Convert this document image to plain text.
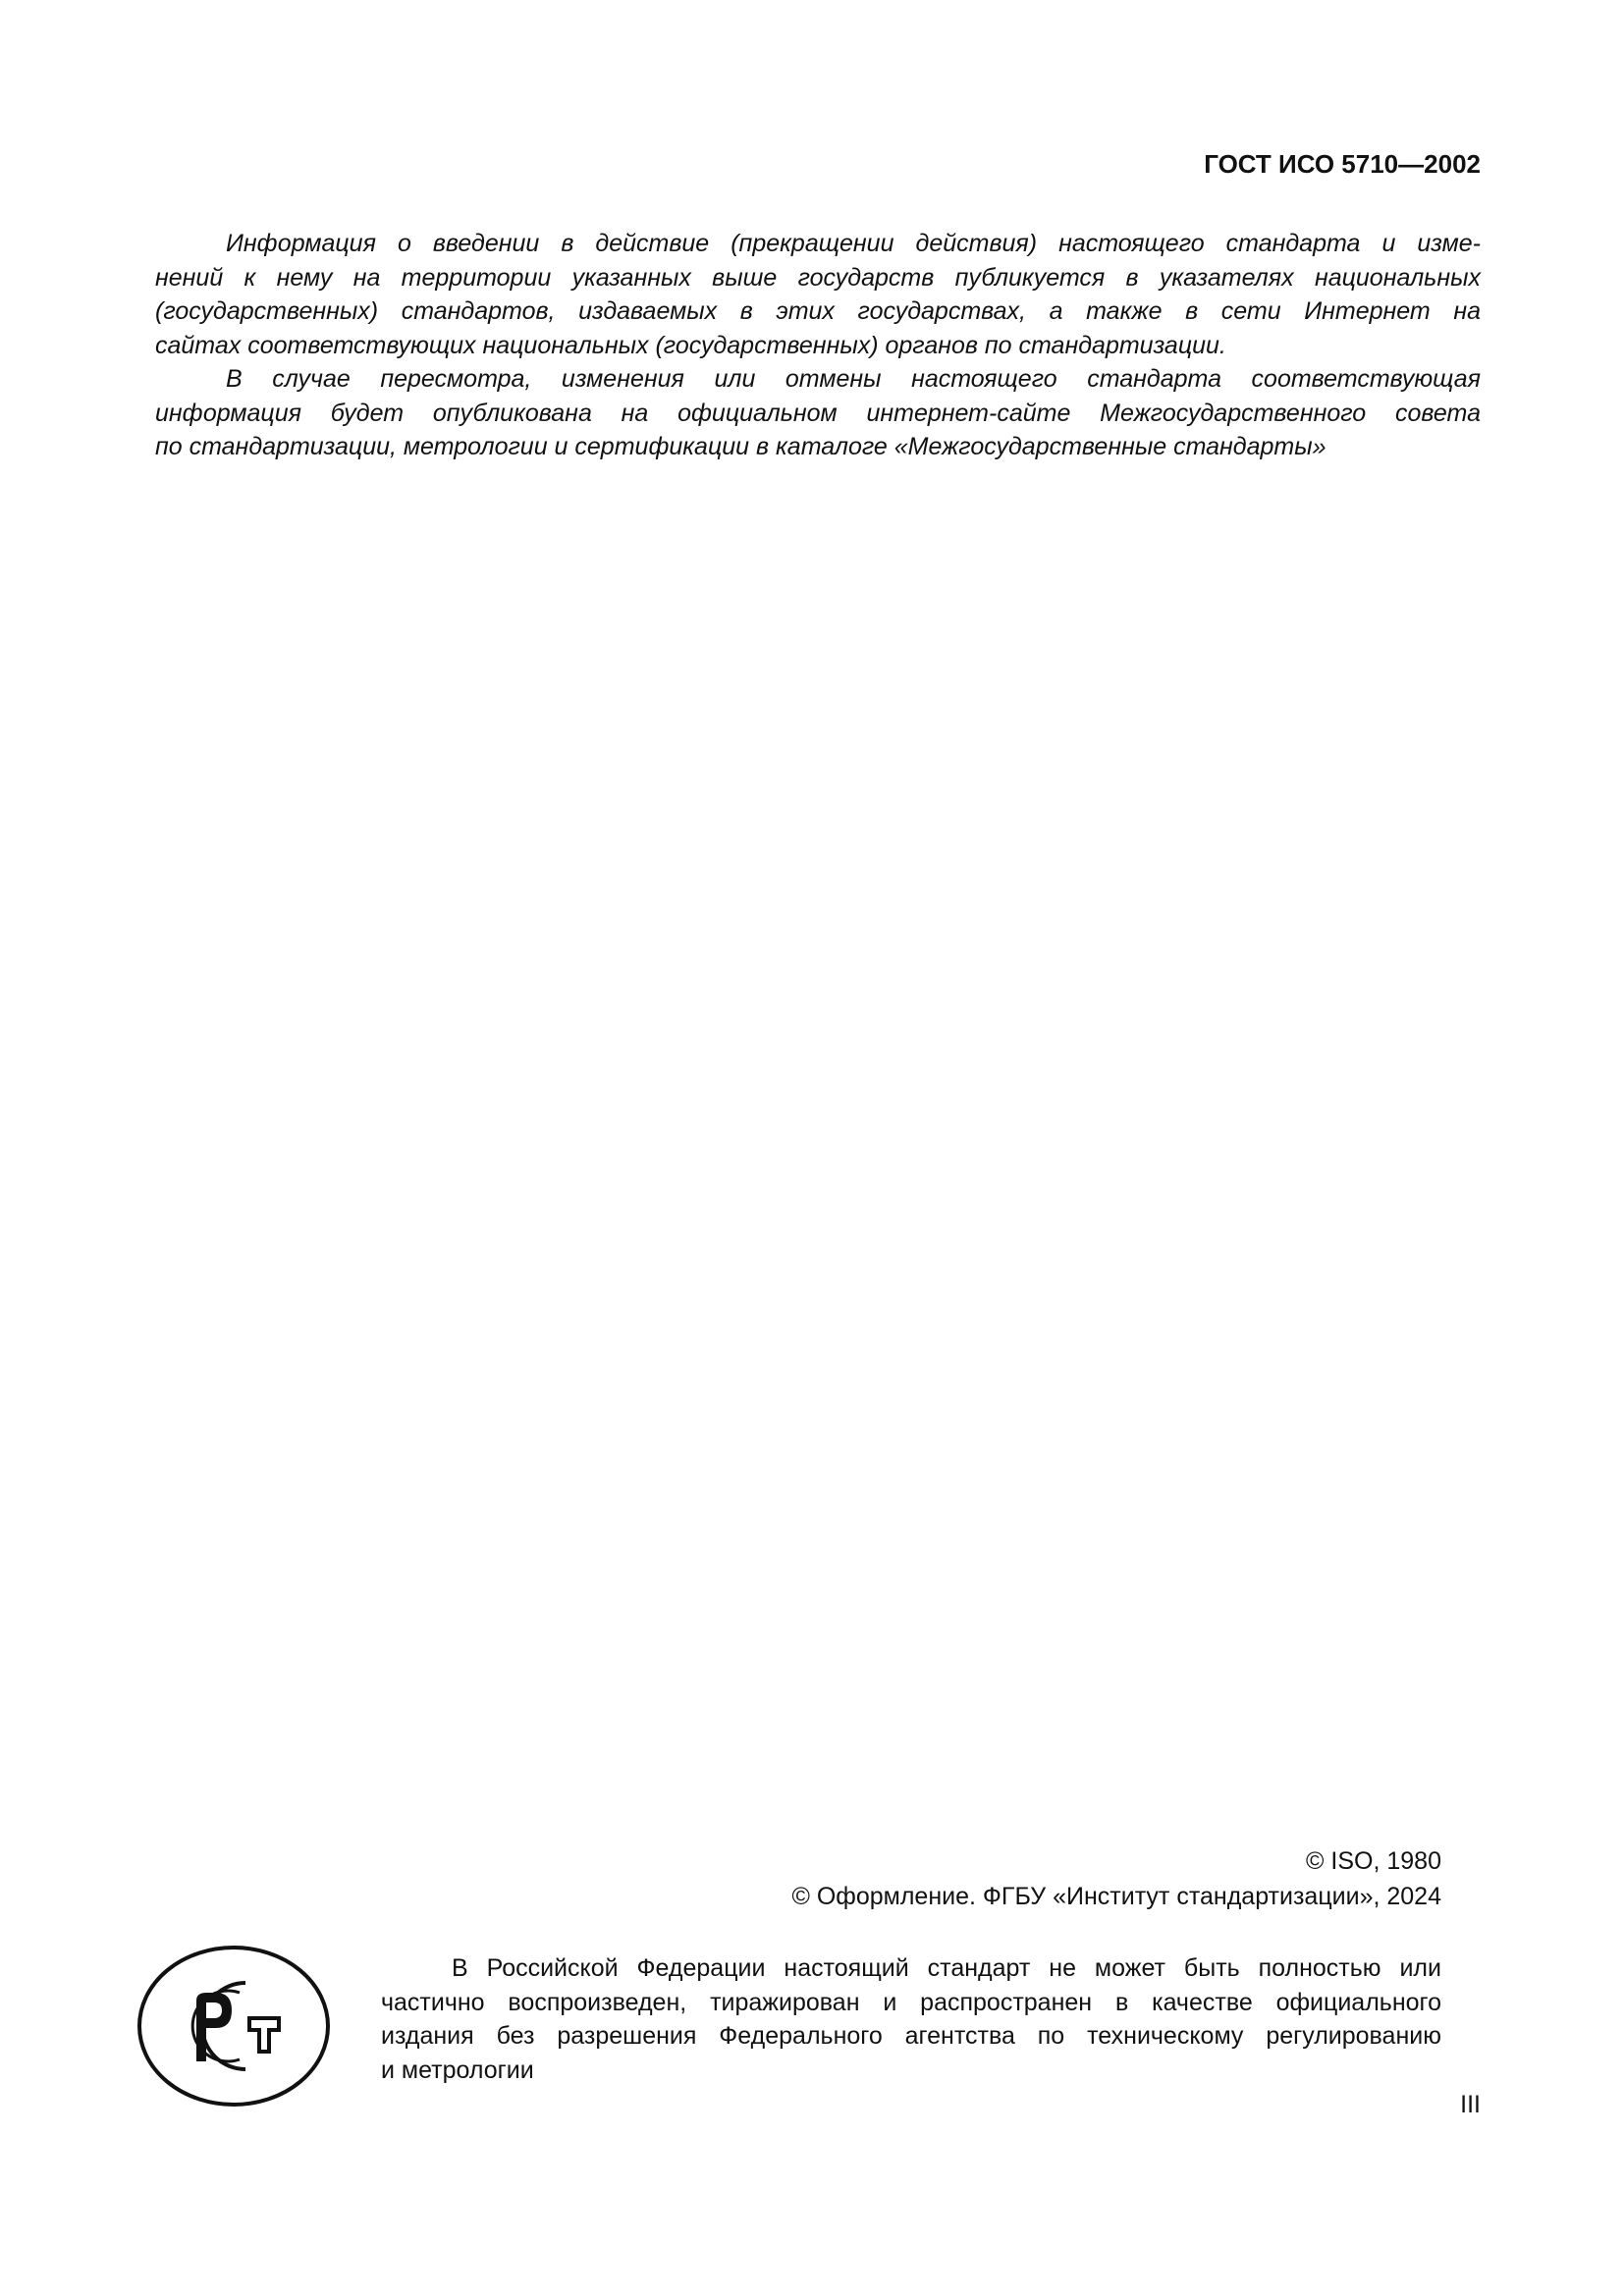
ГОСТ ИСО 5710—2002
Информация о введении в действие (прекращении действия) настоящего стандарта и изме-
нений к нему на территории указанных выше государств публикуется в указателях национальных
(государственных) стандартов, издаваемых в этих государствах, а также в сети Интернет на
сайтах соответствующих национальных (государственных) органов по стандартизации.
В случае пересмотра, изменения или отмены настоящего стандарта соответствующая
информация будет опубликована на официальном интернет-сайте Межгосударственного совета
по стандартизации, метрологии и сертификации в каталоге «Межгосударственные стандарты»
© ISO, 1980
© Оформление. ФГБУ «Институт стандартизации», 2024
В Российской Федерации настоящий стандарт не может быть полностью или
частично воспроизведен, тиражирован и распространен в качестве официального
издания без разрешения Федерального агентства по техническому регулированию
и метрологии
III
